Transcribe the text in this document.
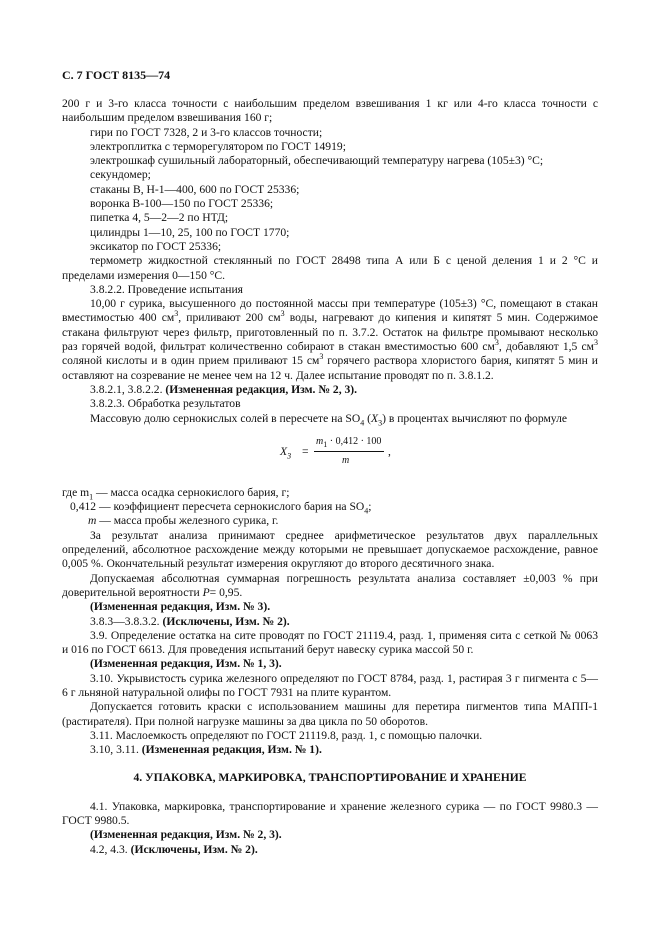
С. 7 ГОСТ 8135—74

200 г и 3-го класса точности с наибольшим пределом взвешивания 1 кг или 4-го класса точности с наибольшим пределом взвешивания 160 г;

гири по ГОСТ 7328, 2 и 3-го классов точности;

электроплитка с терморегулятором по ГОСТ 14919;

электрошкаф сушильный лабораторный, обеспечивающий температуру нагрева (105±3) °С;

секундомер;

стаканы В, Н-1—400, 600 по ГОСТ 25336;

воронка В-100—150 по ГОСТ 25336;

пипетка 4, 5—2—2 по НТД;

цилиндры 1—10, 25, 100 по ГОСТ 1770;

эксикатор по ГОСТ 25336;

термометр жидкостной стеклянный по ГОСТ 28498 типа А или Б с ценой деления 1 и 2 °С и пределами измерения 0—150 °С.

3.8.2.2. Проведение испытания

10,00 г сурика, высушенного до постоянной массы при температуре (105±3) °С, помещают в стакан вместимостью 400 $см^3$, приливают 200 $см^3$ воды, нагревают до кипения и кипятят 5 мин. Содержимое стакана фильтруют через фильтр, приготовленный по п. 3.7.2. Остаток на фильтре промывают несколько раз горячей водой, фильтрат количественно собирают в стакан вместимостью 600 $см^3$, добавляют 1,5 $см^3$ соляной кислоты и в один прием приливают 15 $см^3$ горячего раствора хлористого бария, кипятят 5 мин и оставляют на созревание не менее чем на 12 ч. Далее испытание проводят по п. 3.8.1.2.

3.8.2.1, 3.8.2.2. (Измененная редакция, Изм. № 2, 3).

3.8.2.3. Обработка результатов

Массовую долю сернокислых солей в пересчете на $SO_4$ $(X_3)$ в процентах вычисляют по формуле

$X_3$ =
$m_1 \cdot 0,412 \cdot 100$
m
,

где $m_1$ — масса осадка сернокислого бария, г;

0,412 — коэффициент пересчета сернокислого бария на $SO_4$;

m — масса пробы железного сурика, г.

За результат анализа принимают среднее арифметическое результатов двух параллельных определений, абсолютное расхождение между которыми не превышает допускаемое расхождение, равное 0,005 %. Окончательный результат измерения округляют до второго десятичного знака.

Допускаемая абсолютная суммарная погрешность результата анализа составляет ±0,003 % при доверительной вероятности Р= 0,95.

(Измененная редакция, Изм. № 3).

3.8.3—3.8.3.2. (Исключены, Изм. № 2).

3.9. Определение остатка на сите проводят по ГОСТ 21119.4, разд. 1, применяя сита с сеткой № 0063 и 016 по ГОСТ 6613. Для проведения испытаний берут навеску сурика массой 50 г.

(Измененная редакция, Изм. № 1, 3).

3.10. Укрывистость сурика железного определяют по ГОСТ 8784, разд. 1, растирая 3 г пигмента с 5—6 г льняной натуральной олифы по ГОСТ 7931 на плите курантом.

Допускается готовить краски с использованием машины для перетира пигментов типа МАПП-1 (растирателя). При полной нагрузке машины за два цикла по 50 оборотов.

3.11. Маслоемкость определяют по ГОСТ 21119.8, разд. 1, с помощью палочки.

3.10, 3.11. (Измененная редакция, Изм. № 1).

4. УПАКОВКА, МАРКИРОВКА, ТРАНСПОРТИРОВАНИЕ И ХРАНЕНИЕ

4.1. Упаковка, маркировка, транспортирование и хранение железного сурика — по ГОСТ 9980.3 — ГОСТ 9980.5.

(Измененная редакция, Изм. № 2, 3).

4.2, 4.3. (Исключены, Изм. № 2).
